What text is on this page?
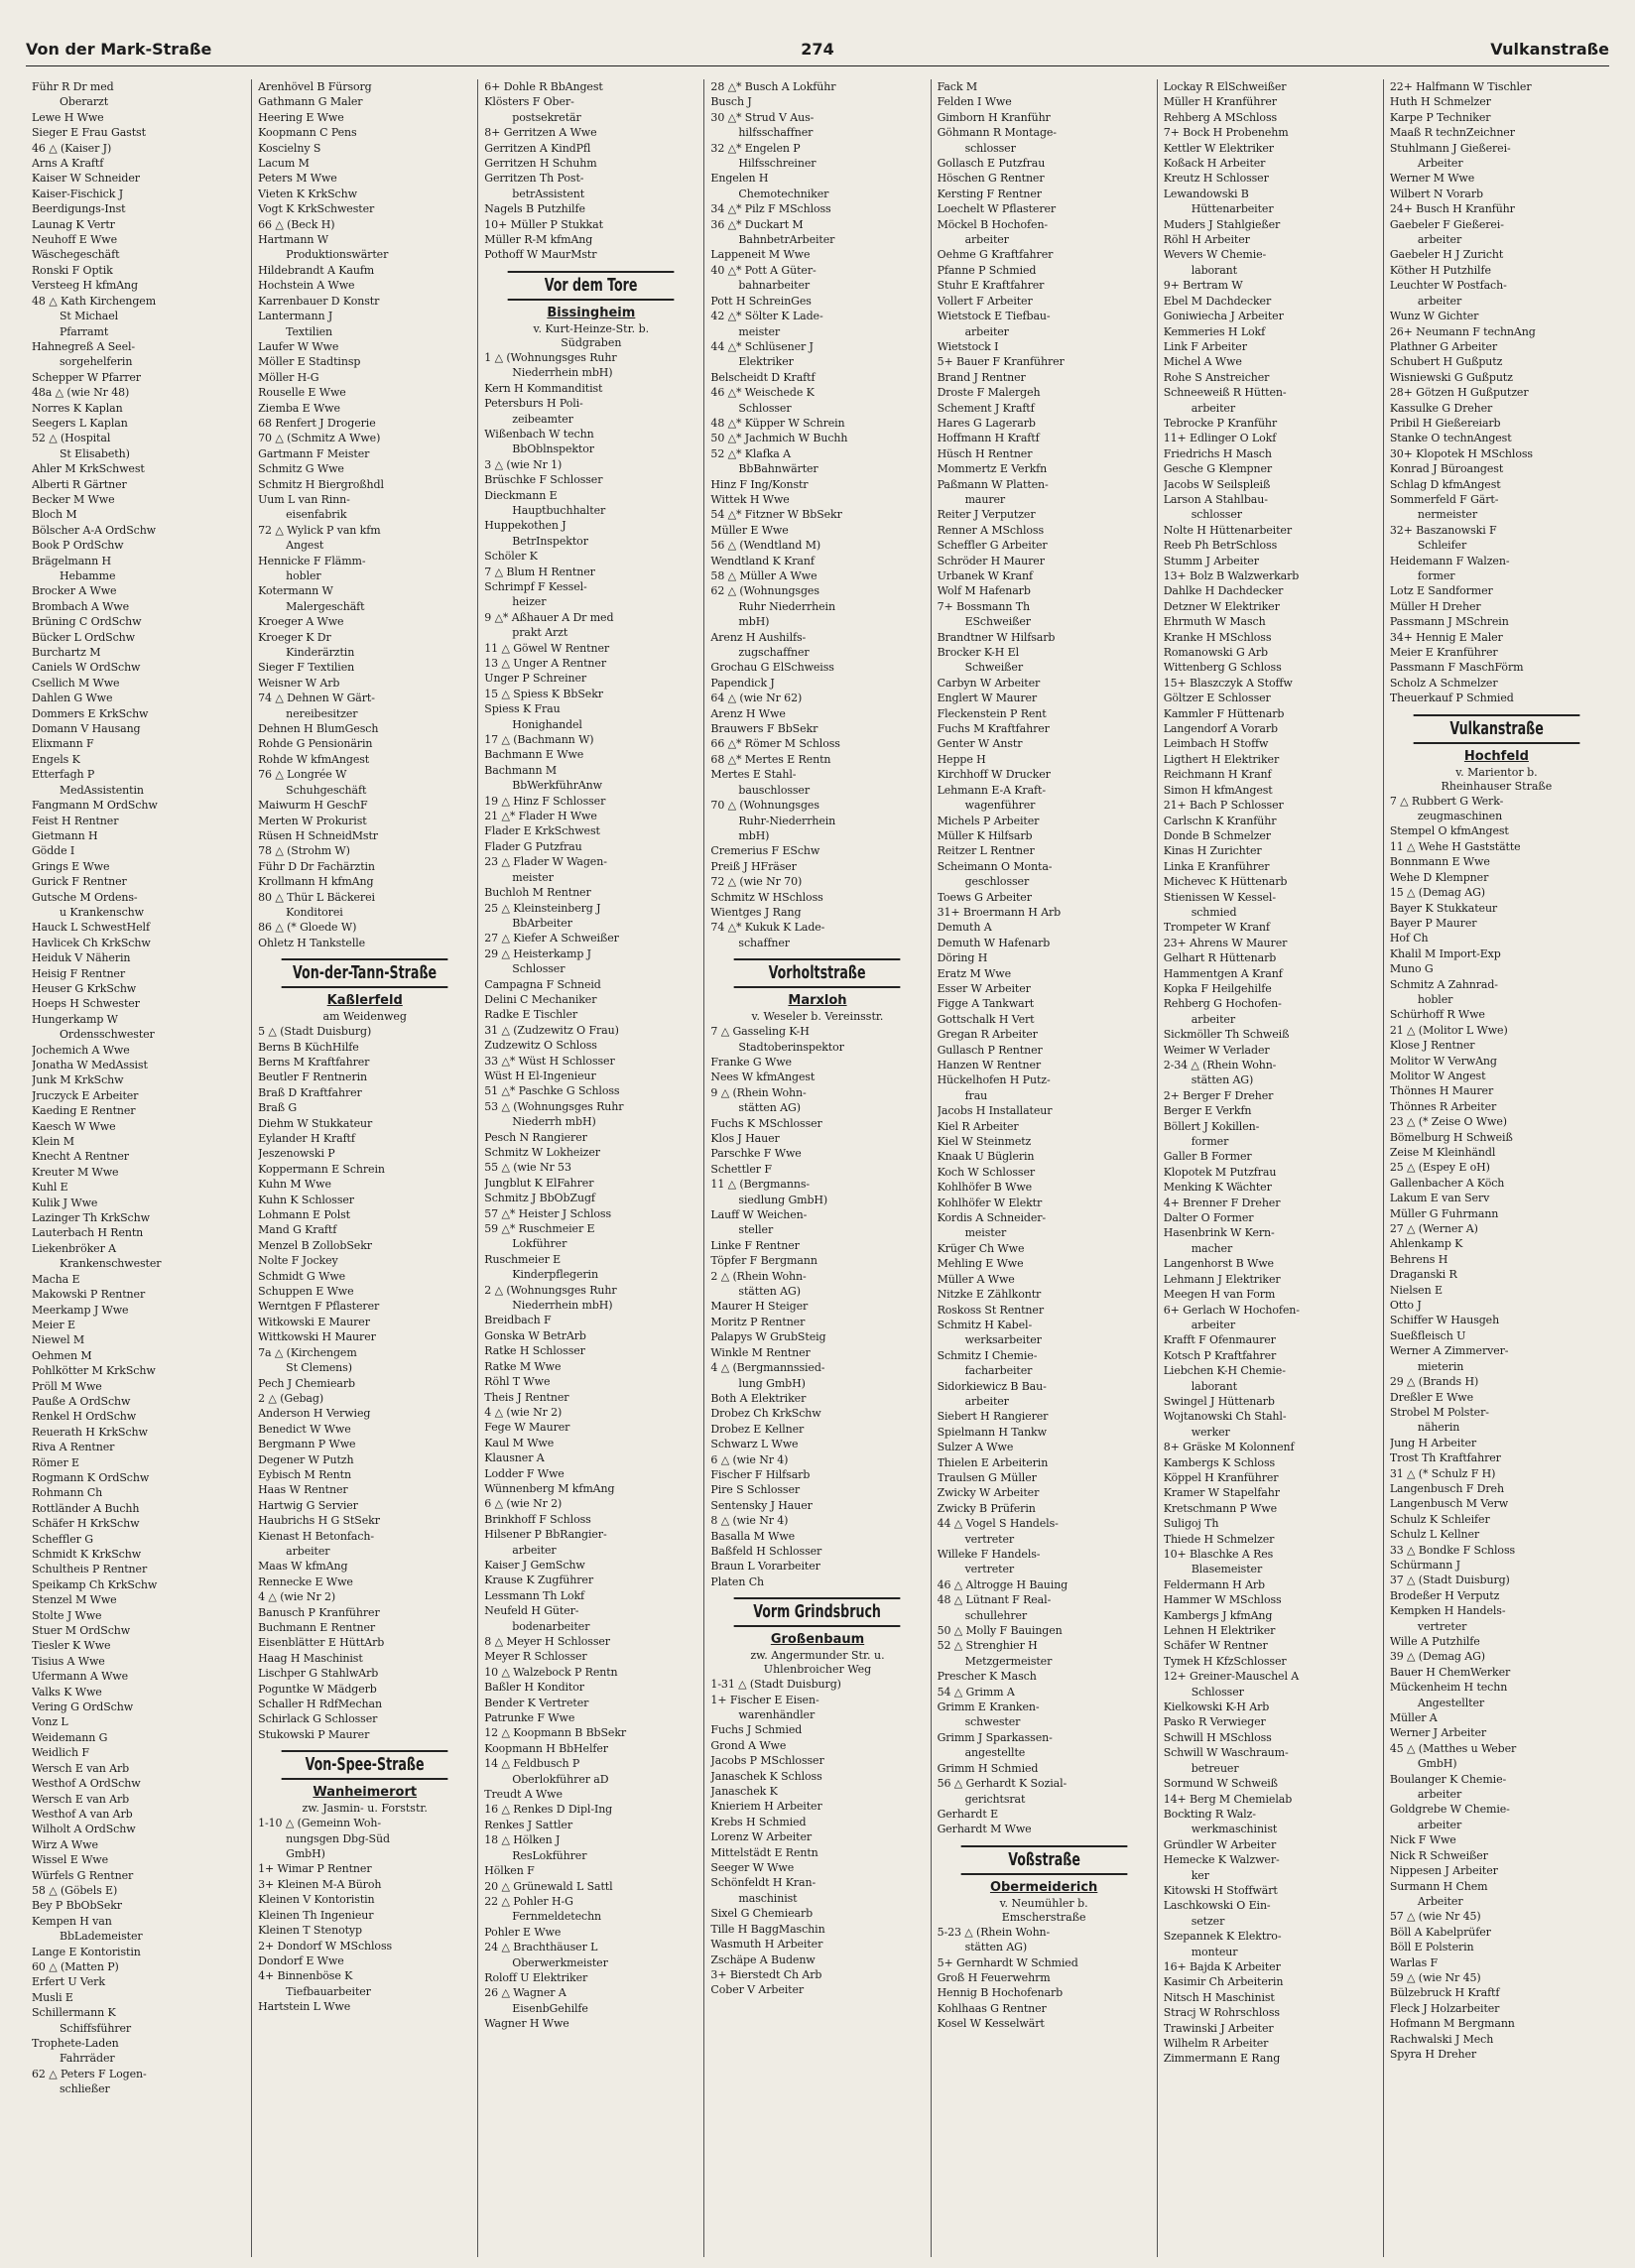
Von der Mark-Straße	274	Vulkanstraße
Führ R Dr med
Oberarzt
Lewe H Wwe
Sieger E Frau Gastst
46 △ (Kaiser J)
Arns A Kraftf
Kaiser W Schneider
Kaiser-Fischick J
Beerdigungs-Inst
Launag K Vertr
Neuhoff E Wwe
Wäschegeschäft
Ronski F Optik
Versteeg H kfmAng
48 △ Kath Kirchengem
St Michael
Pfarramt
Hahnegreß A Seel-
sorgehelferin
Schepper W Pfarrer
48a △ (wie Nr 48)
Norres K Kaplan
Seegers L Kaplan
52 △ (Hospital
St Elisabeth)
Ahler M KrkSchwest
Alberti R Gärtner
Becker M Wwe
Bloch M
Bölscher A-A OrdSchw
Book P OrdSchw
Brägelmann H
Hebamme
Brocker A Wwe
Brombach A Wwe
Brüning C OrdSchw
Bücker L OrdSchw
Burchartz M
Caniels W OrdSchw
Csellich M Wwe
Dahlen G Wwe
Dommers E KrkSchw
Domann V Hausang
Elixmann F
Engels K
Etterfagh P
MedAssistentin
Fangmann M OrdSchw
Feist H Rentner
Gietmann H
Gödde I
Grings E Wwe
Gurick F Rentner
Gutsche M Ordens-
u Krankenschw
Hauck L SchwestHelf
Havlicek Ch KrkSchw
Heiduk V Näherin
Heisig F Rentner
Heuser G KrkSchw
Hoeps H Schwester
Hungerkamp W
Ordensschwester
Jochemich A Wwe
Jonatha W MedAssist
Junk M KrkSchw
Jruczyck E Arbeiter
Kaeding E Rentner
Kaesch W Wwe
Klein M
Knecht A Rentner
Kreuter M Wwe
Kuhl E
Kulik J Wwe
Lazinger Th KrkSchw
Lauterbach H Rentn
Liekenbröker A
Krankenschwester
Macha E
Makowski P Rentner
Meerkamp J Wwe
Meier E
Niewel M
Oehmen M
Pohlkötter M KrkSchw
Pröll M Wwe
Pauße A OrdSchw
Renkel H OrdSchw
Reuerath H KrkSchw
Riva A Rentner
Römer E
Rogmann K OrdSchw
Rohmann Ch
Rottländer A Buchh
Schäfer H KrkSchw
Scheffler G
Schmidt K KrkSchw
Schultheis P Rentner
Speikamp Ch KrkSchw
Stenzel M Wwe
Stolte J Wwe
Stuer M OrdSchw
Tiesler K Wwe
Tisius A Wwe
Ufermann A Wwe
Valks K Wwe
Vering G OrdSchw
Vonz L
Weidemann G
Weidlich F
Wersch E van Arb
Westhof A OrdSchw
Wersch E van Arb
Westhof A van Arb
Wilholt A OrdSchw
Wirz A Wwe
Wissel E Wwe
Würfels G Rentner
58 △ (Göbels E)
Bey P BbObSekr
Kempen H van
BbLademeister
Lange E Kontoristin
60 △ (Matten P)
Erfert U Verk
Musli E
Schillermann K
Schiffsführer
Trophete-Laden
Fahrräder
62 △ Peters F Logen-
schließer
Arenhövel B Fürsorg
Gathmann G Maler
Heering E Wwe
Koopmann C Pens
Koscielny S
Lacum M
Peters M Wwe
Vieten K KrkSchw
Vogt K KrkSchwester
66 △ (Beck H)
Hartmann W
Produktionswärter
Hildebrandt A Kaufm
Hochstein A Wwe
Karrenbauer D Konstr
Lantermann J
Textilien
Laufer W Wwe
Möller E Stadtinsp
Möller H-G
Rouselle E Wwe
Ziemba E Wwe
68 Renfert J Drogerie
70 △ (Schmitz A Wwe)
Gartmann F Meister
Schmitz G Wwe
Schmitz H Biergroßhdl
Uum L van Rinn-
eisenfabrik
72 △ Wylick P van kfm
Angest
Hennicke F Flämm-
hobler
Kotermann W
Malergeschäft
Kroeger A Wwe
Kroeger K Dr
Kinderärztin
Sieger F Textilien
Weisner W Arb
74 △ Dehnen W Gärt-
nereibesitzer
Dehnen H BlumGesch
Rohde G Pensionärin
Rohde W kfmAngest
76 △ Longrée W
Schuhgeschäft
Maiwurm H GeschF
Merten W Prokurist
Rüsen H SchneidMstr
78 △ (Strohm W)
Führ D Dr Fachärztin
Krollmann H kfmAng
80 △ Thür L Bäckerei
Konditorei
86 △ (* Gloede W)
Ohletz H Tankstelle
Von-der-Tann-Straße
Kaßlerfeld
am Weidenweg
5 △ (Stadt Duisburg)
Berns B KüchHilfe
Berns M Kraftfahrer
Beutler F Rentnerin
Braß D Kraftfahrer
Braß G
Diehm W Stukkateur
Eylander H Kraftf
Jeszenowski P
Koppermann E Schrein
Kuhn M Wwe
Kuhn K Schlosser
Lohmann E Polst
Mand G Kraftf
Menzel B ZollobSekr
Nolte F Jockey
Schmidt G Wwe
Schuppen E Wwe
Werntgen F Pflasterer
Witkowski E Maurer
Wittkowski H Maurer
7a △ (Kirchengem
St Clemens)
Pech J Chemiearb
2 △ (Gebag)
Anderson H Verwieg
Benedict W Wwe
Bergmann P Wwe
Degener W Putzh
Eybisch M Rentn
Haas W Rentner
Hartwig G Servier
Haubrichs H G StSekr
Kienast H Betonfach-
arbeiter
Maas W kfmAng
Rennecke E Wwe
4 △ (wie Nr 2)
Banusch P Kranführer
Buchmann E Rentner
Eisenblätter E HüttArb
Haag H Maschinist
Lischper G StahlwArb
Poguntke W Mädgerb
Schaller H RdfMechan
Schirlack G Schlosser
Stukowski P Maurer
Von-Spee-Straße
Wanheimerort
zw. Jasmin- u. Forststr.
1-10 △ (Gemeinn Woh-
nungsgen Dbg-Süd
GmbH)
1+ Wimar P Rentner
3+ Kleinen M-A Büroh
Kleinen V Kontoristin
Kleinen Th Ingenieur
Kleinen T Stenotyp
2+ Dondorf W MSchloss
Dondorf E Wwe
4+ Binnenböse K
Tiefbauarbeiter
Hartstein L Wwe
6+ Dohle R BbAngest
Klösters F Ober-
postsekretär
8+ Gerritzen A Wwe
Gerritzen A KindPfl
Gerritzen H Schuhm
Gerritzen Th Post-
betrAssistent
Nagels B Putzhilfe
10+ Müller P Stukkat
Müller R-M kfmAng
Pothoff W MaurMstr
Vor dem Tore
Bissingheim
v. Kurt-Heinze-Str. b.
Südgraben
1 △ (Wohnungsges Ruhr
Niederrhein mbH)
Kern H Kommanditist
Petersburs H Poli-
zeibeamter
Wißenbach W techn
BbOblnspektor
3 △ (wie Nr 1)
Brüschke F Schlosser
Dieckmann E
Hauptbuchhalter
Huppekothen J
BetrInspektor
Schöler K
7 △ Blum H Rentner
Schrimpf F Kessel-
heizer
9 △* Aßhauer A Dr med
prakt Arzt
11 △ Göwel W Rentner
13 △ Unger A Rentner
Unger P Schreiner
15 △ Spiess K BbSekr
Spiess K Frau
Honighandel
17 △ (Bachmann W)
Bachmann E Wwe
Bachmann M
BbWerkführAnw
19 △ Hinz F Schlosser
21 △* Flader H Wwe
Flader E KrkSchwest
Flader G Putzfrau
23 △ Flader W Wagen-
meister
Buchloh M Rentner
25 △ Kleinsteinberg J
BbArbeiter
27 △ Kiefer A Schweißer
29 △ Heisterkamp J
Schlosser
Campagna F Schneid
Delini C Mechaniker
Radke E Tischler
31 △ (Zudzewitz O Frau)
Zudzewitz O Schloss
33 △* Wüst H Schlosser
Wüst H El-Ingenieur
51 △* Paschke G Schloss
53 △ (Wohnungsges Ruhr
Niederrh mbH)
Pesch N Rangierer
Schmitz W Lokheizer
55 △ (wie Nr 53
Jungblut K ElFahrer
Schmitz J BbObZugf
57 △* Heister J Schloss
59 △* Ruschmeier E
Lokführer
Ruschmeier E
Kinderpflegerin
2 △ (Wohnungsges Ruhr
Niederrhein mbH)
Breidbach F
Gonska W BetrArb
Ratke H Schlosser
Ratke M Wwe
Röhl T Wwe
Theis J Rentner
4 △ (wie Nr 2)
Fege W Maurer
Kaul M Wwe
Klausner A
Lodder F Wwe
Wünnenberg M kfmAng
6 △ (wie Nr 2)
Brinkhoff F Schloss
Hilsener P BbRangier-
arbeiter
Kaiser J GemSchw
Krause K Zugführer
Lessmann Th Lokf
Neufeld H Güter-
bodenarbeiter
8 △ Meyer H Schlosser
Meyer R Schlosser
10 △ Walzebock P Rentn
Baßler H Konditor
Bender K Vertreter
Patrunke F Wwe
12 △ Koopmann B BbSekr
Koopmann H BbHelfer
14 △ Feldbusch P
Oberlokführer aD
Treudt A Wwe
16 △ Renkes D Dipl-Ing
Renkes J Sattler
18 △ Hölken J
ResLokführer
Hölken F
20 △ Grünewald L Sattl
22 △ Pohler H-G
Fernmeldetechn
Pohler E Wwe
24 △ Brachthäuser L
Oberwerkmeister
Roloff U Elektriker
26 △ Wagner A
EisenbGehilfe
Wagner H Wwe
28 △* Busch A Lokführ
Busch J
30 △* Strud V Aus-
hilfsschaffner
32 △* Engelen P
Hilfsschreiner
Engelen H
Chemotechniker
34 △* Pilz F MSchloss
36 △* Duckart M
BahnbetrArbeiter
Lappeneit M Wwe
40 △* Pott A Güter-
bahnarbeiter
Pott H SchreinGes
42 △* Sölter K Lade-
meister
44 △* Schlüsener J
Elektriker
Belscheidt D Kraftf
46 △* Weischede K
Schlosser
48 △* Küpper W Schrein
50 △* Jachmich W Buchh
52 △* Klafka A
BbBahnwärter
Hinz F Ing/Konstr
Wittek H Wwe
54 △* Fitzner W BbSekr
Müller E Wwe
56 △ (Wendtland M)
Wendtland K Kranf
58 △ Müller A Wwe
62 △ (Wohnungsges
Ruhr Niederrhein
mbH)
Arenz H Aushilfs-
zugschaffner
Grochau G ElSchweiss
Papendick J
64 △ (wie Nr 62)
Arenz H Wwe
Brauwers F BbSekr
66 △* Römer M Schloss
68 △* Mertes E Rentn
Mertes E Stahl-
bauschlosser
70 △ (Wohnungsges
Ruhr-Niederrhein
mbH)
Cremerius F ESchw
Preiß J HFräser
72 △ (wie Nr 70)
Schmitz W HSchloss
Wientges J Rang
74 △* Kukuk K Lade-
schaffner
Vorholtstraße
Marxloh
v. Weseler b. Vereinsstr.
7 △ Gasseling K-H
Stadtoberinspektor
Franke G Wwe
Nees W kfmAngest
9 △ (Rhein Wohn-
stätten AG)
Fuchs K MSchlosser
Klos J Hauer
Parschke F Wwe
Schettler F
11 △ (Bergmanns-
siedlung GmbH)
Lauff W Weichen-
steller
Linke F Rentner
Töpfer F Bergmann
2 △ (Rhein Wohn-
stätten AG)
Maurer H Steiger
Moritz P Rentner
Palapys W GrubSteig
Winkle M Rentner
4 △ (Bergmannssied-
lung GmbH)
Both A Elektriker
Drobez Ch KrkSchw
Drobez E Kellner
Schwarz L Wwe
6 △ (wie Nr 4)
Fischer F Hilfsarb
Pire S Schlosser
Sentensky J Hauer
8 △ (wie Nr 4)
Basalla M Wwe
Baßfeld H Schlosser
Braun L Vorarbeiter
Platen Ch
Vorm Grindsbruch
Großenbaum
zw. Angermunder Str. u.
Uhlenbroicher Weg
1-31 △ (Stadt Duisburg)
1+ Fischer E Eisen-
warenhändler
Fuchs J Schmied
Grond A Wwe
Jacobs P MSchlosser
Janaschek K Schloss
Janaschek K
Knieriem H Arbeiter
Krebs H Schmied
Lorenz W Arbeiter
Mittelstädt E Rentn
Seeger W Wwe
Schönfeldt H Kran-
maschinist
Sixel G Chemiearb
Tille H BaggMaschin
Wasmuth H Arbeiter
Zschäpe A Budenw
3+ Bierstedt Ch Arb
Cober V Arbeiter
Fack M
Felden I Wwe
Gimborn H Kranführ
Göhmann R Montage-
schlosser
Gollasch E Putzfrau
Höschen G Rentner
Kersting F Rentner
Loechelt W Pflasterer
Möckel B Hochofen-
arbeiter
Oehme G Kraftfahrer
Pfanne P Schmied
Stuhr E Kraftfahrer
Vollert F Arbeiter
Wietstock E Tiefbau-
arbeiter
Wietstock I
5+ Bauer F Kranführer
Brand J Rentner
Droste F Malergeh
Schement J Kraftf
Hares G Lagerarb
Hoffmann H Kraftf
Hüsch H Rentner
Mommertz E Verkfn
Paßmann W Platten-
maurer
Reiter J Verputzer
Renner A MSchloss
Scheffler G Arbeiter
Schröder H Maurer
Urbanek W Kranf
Wolf M Hafenarb
7+ Bossmann Th
ESchweißer
Brandtner W Hilfsarb
Brocker K-H El
Schweißer
Carbyn W Arbeiter
Englert W Maurer
Fleckenstein P Rent
Fuchs M Kraftfahrer
Genter W Anstr
Heppe H
Kirchhoff W Drucker
Lehmann E-A Kraft-
wagenführer
Michels P Arbeiter
Müller K Hilfsarb
Reitzer L Rentner
Scheimann O Monta-
geschlosser
Toews G Arbeiter
31+ Broermann H Arb
Demuth A
Demuth W Hafenarb
Döring H
Eratz M Wwe
Esser W Arbeiter
Figge A Tankwart
Gottschalk H Vert
Gregan R Arbeiter
Gullasch P Rentner
Hanzen W Rentner
Hückelhofen H Putz-
frau
Jacobs H Installateur
Kiel R Arbeiter
Kiel W Steinmetz
Knaak U Büglerin
Koch W Schlosser
Kohlhöfer B Wwe
Kohlhöfer W Elektr
Kordis A Schneider-
meister
Krüger Ch Wwe
Mehling E Wwe
Müller A Wwe
Nitzke E Zählkontr
Roskoss St Rentner
Schmitz H Kabel-
werksarbeiter
Schmitz I Chemie-
facharbeiter
Sidorkiewicz B Bau-
arbeiter
Siebert H Rangierer
Spielmann H Tankw
Sulzer A Wwe
Thielen E Arbeiterin
Traulsen G Müller
Zwicky W Arbeiter
Zwicky B Prüferin
44 △ Vogel S Handels-
vertreter
Willeke F Handels-
vertreter
46 △ Altrogge H Bauing
48 △ Lütnant F Real-
schullehrer
50 △ Molly F Bauingen
52 △ Strenghier H
Metzgermeister
Prescher K Masch
54 △ Grimm A
Grimm E Kranken-
schwester
Grimm J Sparkassen-
angestellte
Grimm H Schmied
56 △ Gerhardt K Sozial-
gerichtsrat
Gerhardt E
Gerhardt M Wwe
Voßstraße
Obermeiderich
v. Neumühler b.
Emscherstraße
5-23 △ (Rhein Wohn-
stätten AG)
5+ Gernhardt W Schmied
Groß H Feuerwehrm
Hennig B Hochofenarb
Kohlhaas G Rentner
Kosel W Kesselwärt
Lockay R ElSchweißer
Müller H Kranführer
Rehberg A MSchloss
7+ Bock H Probenehm
Kettler W Elektriker
Koßack H Arbeiter
Kreutz H Schlosser
Lewandowski B
Hüttenarbeiter
Muders J Stahlgießer
Röhl H Arbeiter
Wevers W Chemie-
laborant
9+ Bertram W
Ebel M Dachdecker
Goniwiecha J Arbeiter
Kemmeries H Lokf
Link F Arbeiter
Michel A Wwe
Rohe S Anstreicher
Schneeweiß R Hütten-
arbeiter
Tebrocke P Kranführ
11+ Edlinger O Lokf
Friedrichs H Masch
Gesche G Klempner
Jacobs W Seilspleiß
Larson A Stahlbau-
schlosser
Nolte H Hüttenarbeiter
Reeb Ph BetrSchloss
Stumm J Arbeiter
13+ Bolz B Walzwerkarb
Dahlke H Dachdecker
Detzner W Elektriker
Ehrmuth W Masch
Kranke H MSchloss
Romanowski G Arb
Wittenberg G Schloss
15+ Blaszczyk A Stoffw
Göltzer E Schlosser
Kammler F Hüttenarb
Langendorf A Vorarb
Leimbach H Stoffw
Ligthert H Elektriker
Reichmann H Kranf
Simon H kfmAngest
21+ Bach P Schlosser
Carlschn K Kranführ
Donde B Schmelzer
Kinas H Zurichter
Linka E Kranführer
Michevec K Hüttenarb
Stienissen W Kessel-
schmied
Trompeter W Kranf
23+ Ahrens W Maurer
Gelhart R Hüttenarb
Hammentgen A Kranf
Kopka F Heilgehilfe
Rehberg G Hochofen-
arbeiter
Sickmöller Th Schweiß
Weimer W Verlader
2-34 △ (Rhein Wohn-
stätten AG)
2+ Berger F Dreher
Berger E Verkfn
Böllert J Kokillen-
former
Galler B Former
Klopotek M Putzfrau
Menking K Wächter
4+ Brenner F Dreher
Dalter O Former
Hasenbrink W Kern-
macher
Langenhorst B Wwe
Lehmann J Elektriker
Meegen H van Form
6+ Gerlach W Hochofen-
arbeiter
Krafft F Ofenmaurer
Kotsch P Kraftfahrer
Liebchen K-H Chemie-
laborant
Swingel J Hüttenarb
Wojtanowski Ch Stahl-
werker
8+ Gräske M Kolonnenf
Kambergs K Schloss
Köppel H Kranführer
Kramer W Stapelfahr
Kretschmann P Wwe
Suligoj Th
Thiede H Schmelzer
10+ Blaschke A Res
Blasemeister
Feldermann H Arb
Hammer W MSchloss
Kambergs J kfmAng
Lehnen H Elektriker
Schäfer W Rentner
Tymek H KfzSchlosser
12+ Greiner-Mauschel A
Schlosser
Kielkowski K-H Arb
Pasko R Verwieger
Schwill H MSchloss
Schwill W Waschraum-
betreuer
Sormund W Schweiß
14+ Berg M Chemielab
Bockting R Walz-
werkmaschinist
Gründler W Arbeiter
Hemecke K Walzwer-
ker
Kitowski H Stoffwärt
Laschkowski O Ein-
setzer
Szepannek K Elektro-
monteur
16+ Bajda K Arbeiter
Kasimir Ch Arbeiterin
Nitsch H Maschinist
Stracj W Rohrschloss
Trawinski J Arbeiter
Wilhelm R Arbeiter
Zimmermann E Rang
22+ Halfmann W Tischler
Huth H Schmelzer
Karpe P Techniker
Maaß R technZeichner
Stuhlmann J Gießerei-
Arbeiter
Werner M Wwe
Wilbert N Vorarb
24+ Busch H Kranführ
Gaebeler F Gießerei-
arbeiter
Gaebeler H J Zuricht
Köther H Putzhilfe
Leuchter W Postfach-
arbeiter
Wunz W Gichter
26+ Neumann F technAng
Plathner G Arbeiter
Schubert H Gußputz
Wisniewski G Gußputz
28+ Götzen H Gußputzer
Kassulke G Dreher
Pribil H Gießereiarb
Stanke O technAngest
30+ Klopotek H MSchloss
Konrad J Büroangest
Schlag D kfmAngest
Sommerfeld F Gärt-
nermeister
32+ Baszanowski F
Schleifer
Heidemann F Walzen-
former
Lotz E Sandformer
Müller H Dreher
Passmann J MSchrein
34+ Hennig E Maler
Meier E Kranführer
Passmann F MaschFörm
Scholz A Schmelzer
Theuerkauf P Schmied
Vulkanstraße
Hochfeld
v. Marientor b.
Rheinhauser Straße
7 △ Rubbert G Werk-
zeugmaschinen
Stempel O kfmAngest
11 △ Wehe H Gaststätte
Bonnmann E Wwe
Wehe D Klempner
15 △ (Demag AG)
Bayer K Stukkateur
Bayer P Maurer
Hof Ch
Khalil M Import-Exp
Muno G
Schmitz A Zahnrad-
hobler
Schürhoff R Wwe
21 △ (Molitor L Wwe)
Klose J Rentner
Molitor W VerwAng
Molitor W Angest
Thönnes H Maurer
Thönnes R Arbeiter
23 △ (* Zeise O Wwe)
Bömelburg H Schweiß
Zeise M Kleinhändl
25 △ (Espey E oH)
Gallenbacher A Köch
Lakum E van Serv
Müller G Fuhrmann
27 △ (Werner A)
Ahlenkamp K
Behrens H
Draganski R
Nielsen E
Otto J
Schiffer W Hausgeh
Sueßfleisch U
Werner A Zimmerver-
mieterin
29 △ (Brands H)
Dreßler E Wwe
Strobel M Polster-
näherin
Jung H Arbeiter
Trost Th Kraftfahrer
31 △ (* Schulz F H)
Langenbusch F Dreh
Langenbusch M Verw
Schulz K Schleifer
Schulz L Kellner
33 △ Bondke F Schloss
Schürmann J
37 △ (Stadt Duisburg)
Brodeßer H Verputz
Kempken H Handels-
vertreter
Wille A Putzhilfe
39 △ (Demag AG)
Bauer H ChemWerker
Mückenheim H techn
Angestellter
Müller A
Werner J Arbeiter
45 △ (Matthes u Weber
GmbH)
Boulanger K Chemie-
arbeiter
Goldgrebe W Chemie-
arbeiter
Nick F Wwe
Nick R Schweißer
Nippesen J Arbeiter
Surmann H Chem
Arbeiter
57 △ (wie Nr 45)
Böll A Kabelprüfer
Böll E Polsterin
Warlas F
59 △ (wie Nr 45)
Bülzebruck H Kraftf
Fleck J Holzarbeiter
Hofmann M Bergmann
Rachwalski J Mech
Spyra H Dreher
